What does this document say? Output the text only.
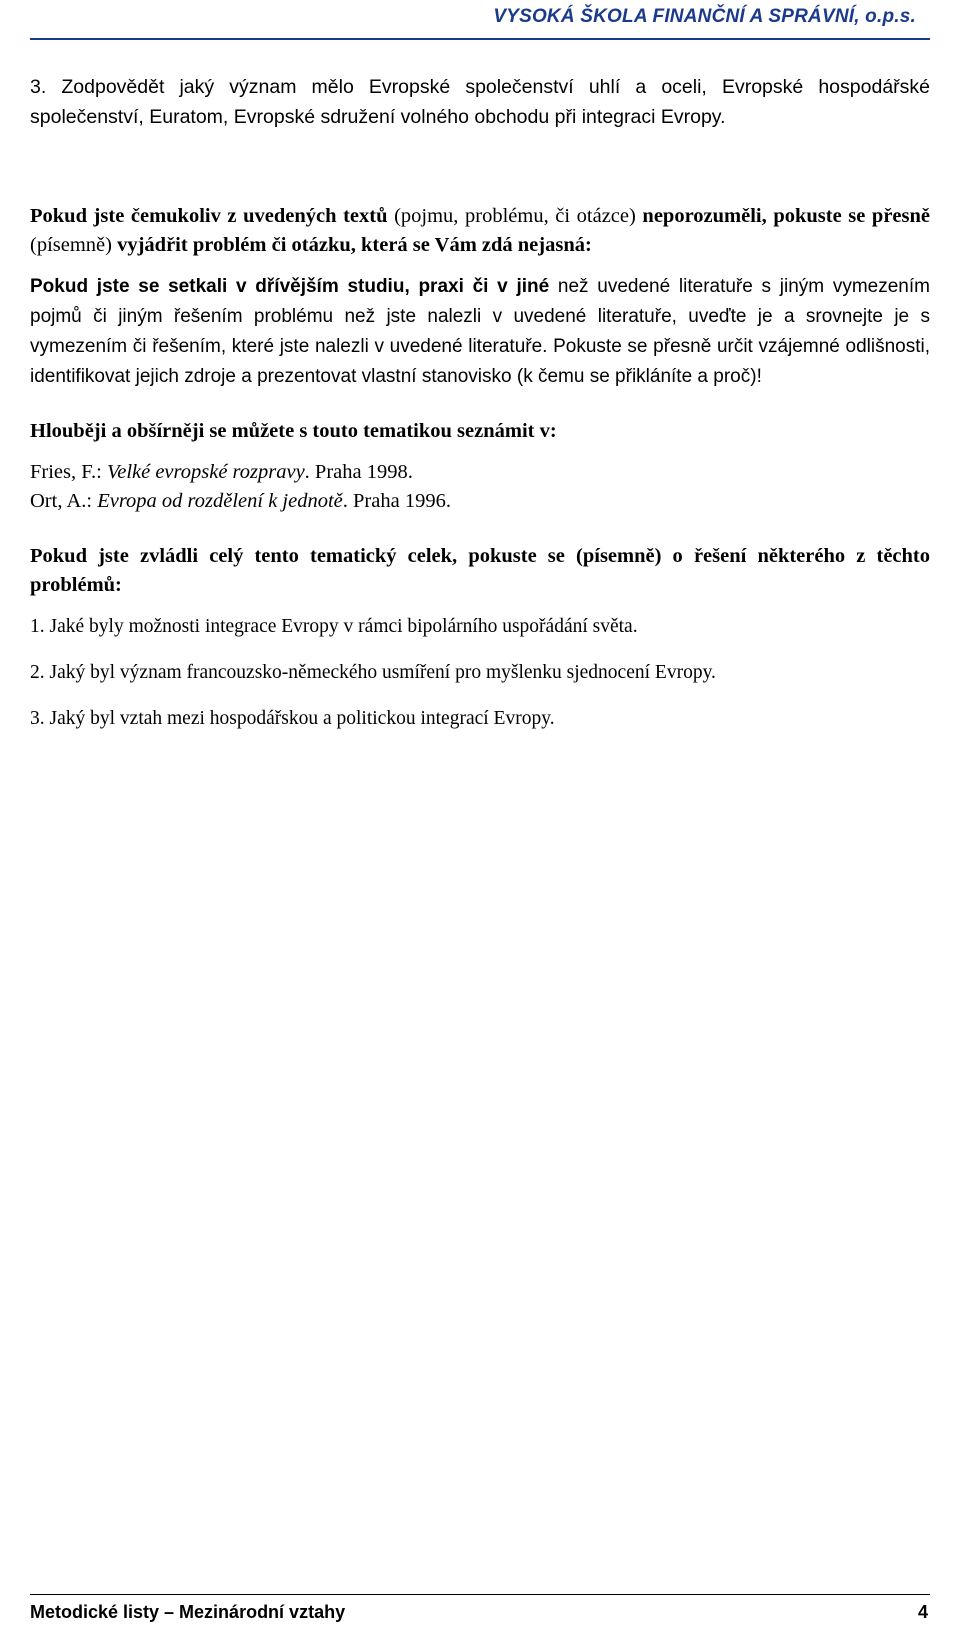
VYSOKÁ ŠKOLA FINANČNÍ A SPRÁVNÍ, o.p.s.

3. Zodpovědět jaký význam mělo Evropské společenství uhlí a oceli, Evropské hospodářské společenství, Euratom, Evropské sdružení volného obchodu při integraci Evropy.

Pokud jste čemukoliv z uvedených textů (pojmu, problému, či otázce) neporozuměli, pokuste se přesně (písemně) vyjádřit problém či otázku, která se Vám zdá nejasná:

Pokud jste se setkali v dřívějším studiu, praxi či v jiné než uvedené literatuře s jiným vymezením pojmů či jiným řešením problému než jste nalezli v uvedené literatuře, uveďte je a srovnejte je s vymezením či řešením, které jste nalezli v uvedené literatuře. Pokuste se přesně určit vzájemné odlišnosti, identifikovat jejich zdroje a prezentovat vlastní stanovisko (k čemu se přikláníte a proč)!

Hlouběji a obšírněji se můžete s touto tematikou seznámit v:

Fries, F.: Velké evropské rozpravy. Praha 1998.
Ort, A.: Evropa od rozdělení k jednotě. Praha 1996.

Pokud jste zvládli celý tento tematický celek, pokuste se (písemně) o řešení některého z těchto problémů:

1. Jaké byly možnosti integrace Evropy v rámci bipolárního uspořádání světa.

2. Jaký byl význam francouzsko-německého usmíření pro myšlenku sjednocení Evropy.

3. Jaký byl vztah mezi hospodářskou a politickou integrací Evropy.

Metodické listy – Mezinárodní vztahy	4
